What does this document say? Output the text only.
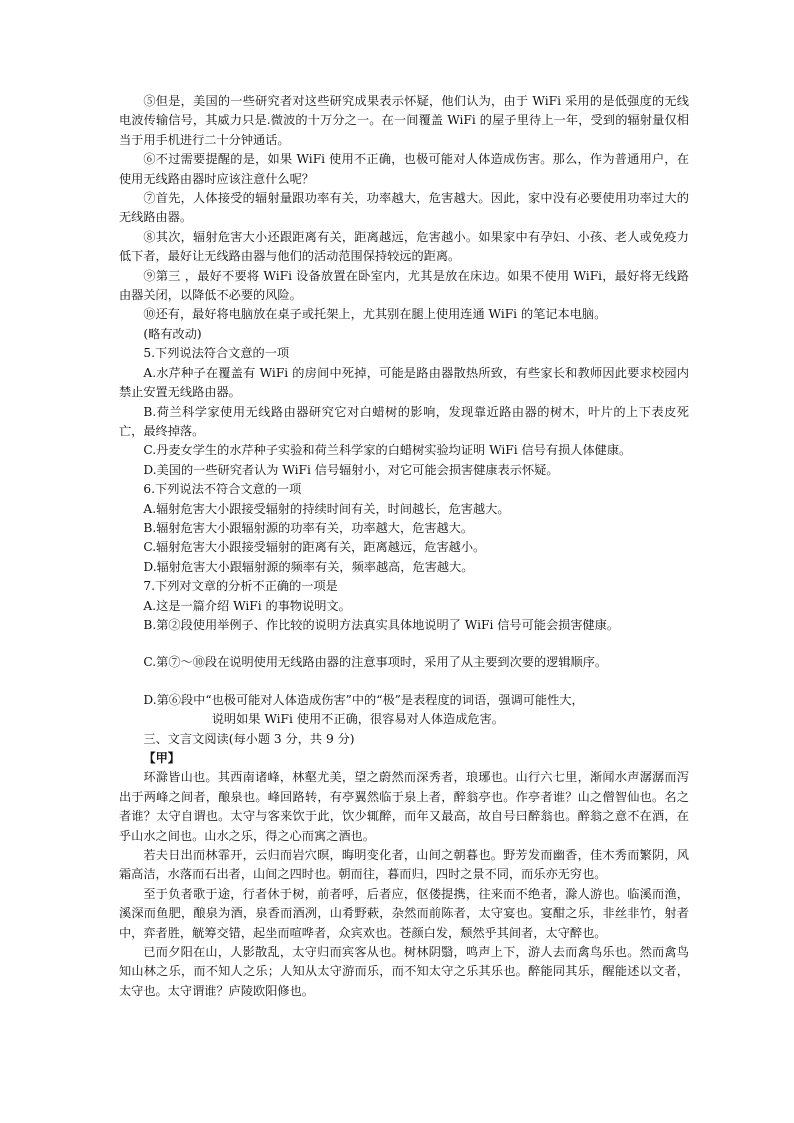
⑤但是，美国的一些研究者对这些研究成果表示怀疑，他们认为，由于 WiFi 采用的是低强度的无线电波传输信号，其威力只是.微波的十万分之一。在一间覆盖 WiFi 的屋子里待上一年，受到的辐射量仅相当于用手机进行二十分钟通话。

⑥不过需要提醒的是，如果 WiFi 使用不正确，也极可能对人体造成伤害。那么，作为普通用户，在使用无线路由器时应该注意什么呢？

⑦首先，人体接受的辐射量跟功率有关，功率越大，危害越大。因此，家中没有必要使用功率过大的无线路由器。

⑧其次，辐射危害大小还跟距离有关，距离越远，危害越小。如果家中有孕妇、小孩、老人或免疫力低下者，最好让无线路由器与他们的活动范围保持较远的距离。

⑨第三 ，最好不要将 WiFi 设备放置在卧室内，尤其是放在床边。如果不使用 WiFi，最好将无线路由器关闭，以降低不必要的风险。

⑩还有，最好将电脑放在桌子或托架上，尤其别在腿上使用连通 WiFi 的笔记本电脑。

(略有改动)

5.下列说法符合文意的一项

A.水芹种子在覆盖有 WiFi 的房间中死掉，可能是路由器散热所致，有些家长和教师因此要求校园内禁止安置无线路由器。

B.荷兰科学家使用无线路由器研究它对白蜡树的影响，发现靠近路由器的树木，叶片的上下表皮死亡，最终掉落。

C.丹麦女学生的水芹种子实验和荷兰科学家的白蜡树实验均证明 WiFi 信号有损人体健康。

D.美国的一些研究者认为 WiFi 信号辐射小，对它可能会损害健康表示怀疑。

6.下列说法不符合文意的一项

A.辐射危害大小跟接受辐射的持续时间有关，时间越长，危害越大。

B.辐射危害大小跟辐射源的功率有关，功率越大，危害越大。

C.辐射危害大小跟接受辐射的距离有关，距离越远，危害越小。

D.辐射危害大小跟辐射源的频率有关，频率越高，危害越大。

7.下列对文章的分析不正确的一项是

A.这是一篇介绍 WiFi 的事物说明文。

B.第②段使用举例子、作比较的说明方法真实具体地说明了 WiFi 信号可能会损害健康。

C.第⑦～⑩段在说明使用无线路由器的注意事项时，采用了从主要到次要的逻辑顺序。

D.第⑥段中“也极可能对人体造成伤害”中的“极”是表程度的词语，强调可能性大，

说明如果 WiFi 使用不正确，很容易对人体造成危害。

三、文言文阅读(每小题 3 分，共 9 分)

【甲】

环滁皆山也。其西南诸峰，林壑尤美，望之蔚然而深秀者，琅琊也。山行六七里，渐闻水声潺潺而泻出于两峰之间者，酿泉也。峰回路转，有亭翼然临于泉上者，醉翁亭也。作亭者谁？山之僧智仙也。名之者谁？太守自谓也。太守与客来饮于此，饮少辄醉，而年又最高，故自号曰醉翁也。醉翁之意不在酒，在乎山水之间也。山水之乐，得之心而寓之酒也。

若夫日出而林霏开，云归而岩穴暝，晦明变化者，山间之朝暮也。野芳发而幽香，佳木秀而繁阴，风霜高洁，水落而石出者，山间之四时也。朝而往，暮而归，四时之景不同，而乐亦无穷也。

至于负者歌于途，行者休于树，前者呼，后者应，伛偻提携，往来而不绝者，滁人游也。临溪而渔，溪深而鱼肥，酿泉为酒，泉香而酒冽，山肴野蔌，杂然而前陈者，太守宴也。宴酣之乐，非丝非竹，射者中，弈者胜，觥筹交错，起坐而喧哗者，众宾欢也。苍颜白发，颓然乎其间者，太守醉也。

已而夕阳在山，人影散乱，太守归而宾客从也。树林阴翳，鸣声上下，游人去而禽鸟乐也。然而禽鸟知山林之乐，而不知人之乐；人知从太守游而乐，而不知太守之乐其乐也。醉能同其乐，醒能述以文者，太守也。太守谓谁？庐陵欧阳修也。
